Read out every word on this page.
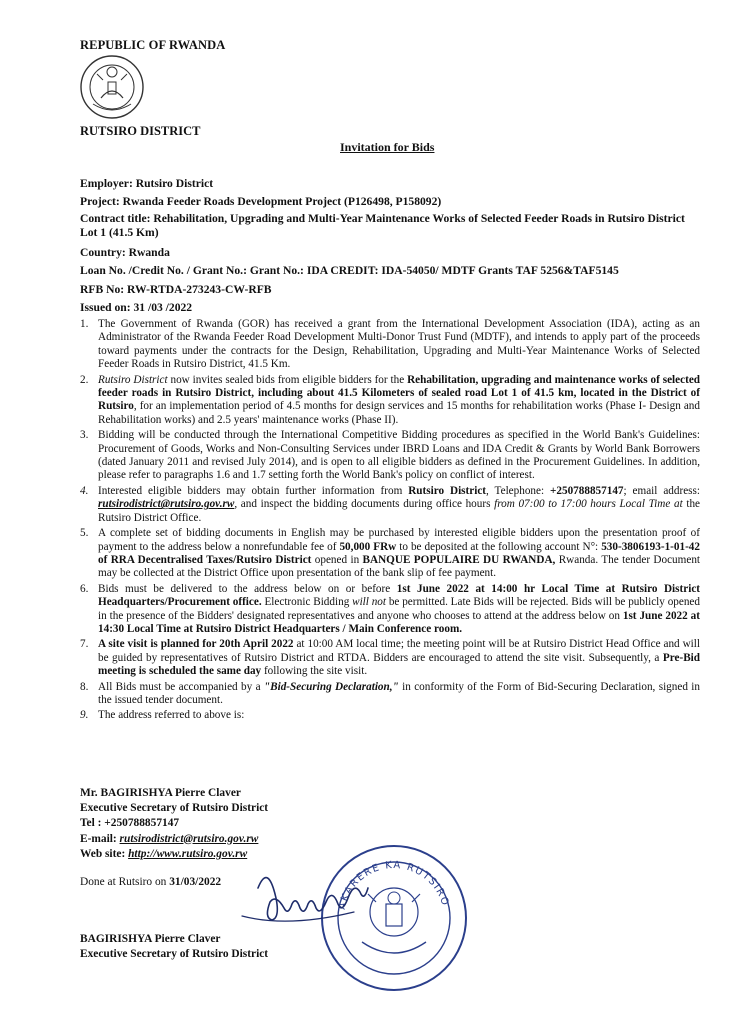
REPUBLIC OF RWANDA
RUTSIRO DISTRICT
Invitation for Bids
Employer: Rutsiro District
Project: Rwanda Feeder Roads Development Project (P126498, P158092)
Contract title: Rehabilitation, Upgrading and Multi-Year Maintenance Works of Selected Feeder Roads in Rutsiro District Lot 1 (41.5 Km)
Country: Rwanda
Loan No. /Credit No. / Grant No.: Grant No.: IDA CREDIT: IDA-54050/ MDTF Grants TAF 5256&TAF5145
RFB No: RW-RTDA-273243-CW-RFB
Issued on: 31 /03 /2022
1. The Government of Rwanda (GOR) has received a grant from the International Development Association (IDA), acting as an Administrator of the Rwanda Feeder Road Development Multi-Donor Trust Fund (MDTF), and intends to apply part of the proceeds toward payments under the contracts for the Design, Rehabilitation, Upgrading and Multi-Year Maintenance Works of Selected Feeder Roads in Rutsiro District, 41.5 Km.
2. Rutsiro District now invites sealed bids from eligible bidders for the Rehabilitation, upgrading and maintenance works of selected feeder roads in Rutsiro District, including about 41.5 Kilometers of sealed road Lot 1 of 41.5 km, located in the District of Rutsiro, for an implementation period of 4.5 months for design services and 15 months for rehabilitation works (Phase I- Design and Rehabilitation works) and 2.5 years' maintenance works (Phase II).
3. Bidding will be conducted through the International Competitive Bidding procedures as specified in the World Bank's Guidelines: Procurement of Goods, Works and Non-Consulting Services under IBRD Loans and IDA Credit & Grants by World Bank Borrowers (dated January 2011 and revised July 2014), and is open to all eligible bidders as defined in the Procurement Guidelines. In addition, please refer to paragraphs 1.6 and 1.7 setting forth the World Bank's policy on conflict of interest.
4. Interested eligible bidders may obtain further information from Rutsiro District, Telephone: +250788857147; email address: rutsirodistrict@rutsiro.gov.rw, and inspect the bidding documents during office hours from 07:00 to 17:00 hours Local Time at the Rutsiro District Office.
5. A complete set of bidding documents in English may be purchased by interested eligible bidders upon the presentation proof of payment to the address below a nonrefundable fee of 50,000 FRw to be deposited at the following account N°: 530-3806193-1-01-42 of RRA Decentralised Taxes/Rutsiro District opened in BANQUE POPULAIRE DU RWANDA, Rwanda. The tender Document may be collected at the District Office upon presentation of the bank slip of fee payment.
6. Bids must be delivered to the address below on or before 1st June 2022 at 14:00 hr Local Time at Rutsiro District Headquarters/Procurement office. Electronic Bidding will not be permitted. Late Bids will be rejected. Bids will be publicly opened in the presence of the Bidders' designated representatives and anyone who chooses to attend at the address below on 1st June 2022 at 14:30 Local Time at Rutsiro District Headquarters / Main Conference room.
7. A site visit is planned for 20th April 2022 at 10:00 AM local time; the meeting point will be at Rutsiro District Head Office and will be guided by representatives of Rutsiro District and RTDA. Bidders are encouraged to attend the site visit. Subsequently, a Pre-Bid meeting is scheduled the same day following the site visit.
8. All Bids must be accompanied by a "Bid-Securing Declaration," in conformity of the Form of Bid-Securing Declaration, signed in the issued tender document.
9. The address referred to above is:
Mr. BAGIRISHYA Pierre Claver
Executive Secretary of Rutsiro District
Tel : +250788857147
E-mail: rutsirodistrict@rutsiro.gov.rw
Web site: http://www.rutsiro.gov.rw
Done at Rutsiro on 31/03/2022
AKARERE KA RUTSIRO
BAGIRISHYA Pierre Claver
Executive Secretary of Rutsiro District
